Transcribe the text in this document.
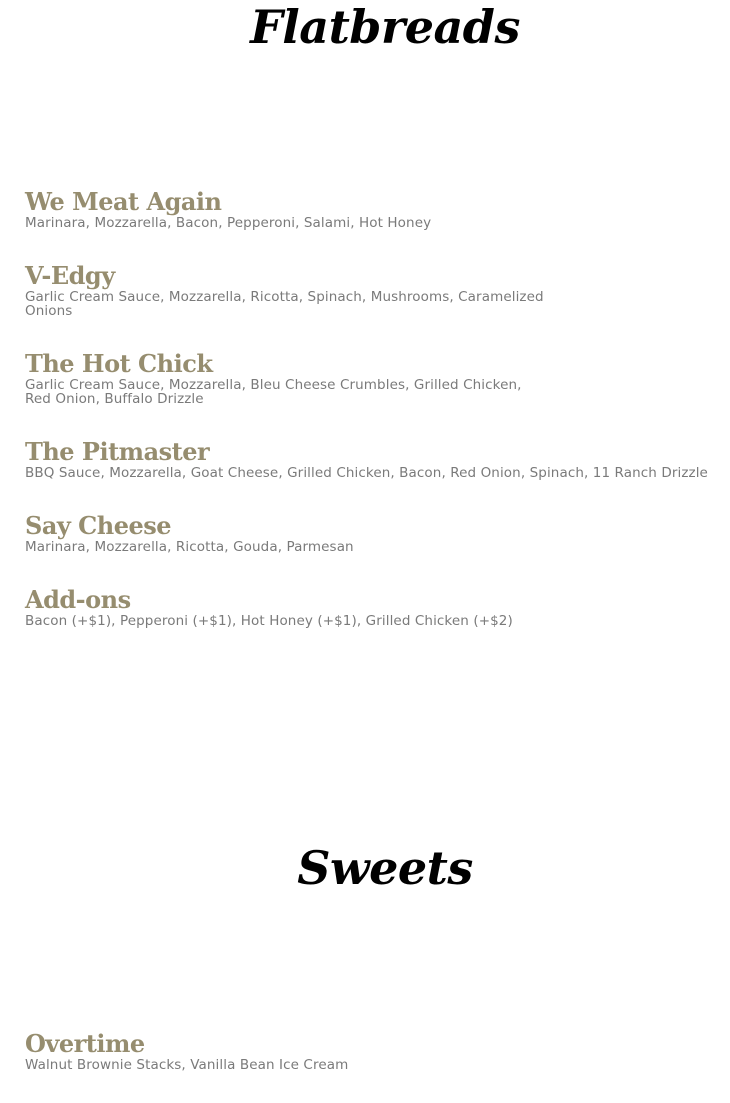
Flatbreads
We Meat Again

Marinara, Mozzarella, Bacon, Pepperoni, Salami, Hot Honey

V-Edgy

Garlic Cream Sauce, Mozzarella, Ricotta, Spinach, Mushrooms, Caramelized Onions

The Hot Chick

Garlic Cream Sauce, Mozzarella, Bleu Cheese Crumbles, Grilled Chicken, Red Onion, Buffalo Drizzle

The Pitmaster

BBQ Sauce, Mozzarella, Goat Cheese, Grilled Chicken, Bacon, Red Onion, Spinach, 11 Ranch Drizzle

Say Cheese

Marinara, Mozzarella, Ricotta, Gouda, Parmesan

Add-ons

Bacon (+$1), Pepperoni (+$1), Hot Honey (+$1), Grilled Chicken (+$2)

Sweets
Overtime

Walnut Brownie Stacks, Vanilla Bean Ice Cream
